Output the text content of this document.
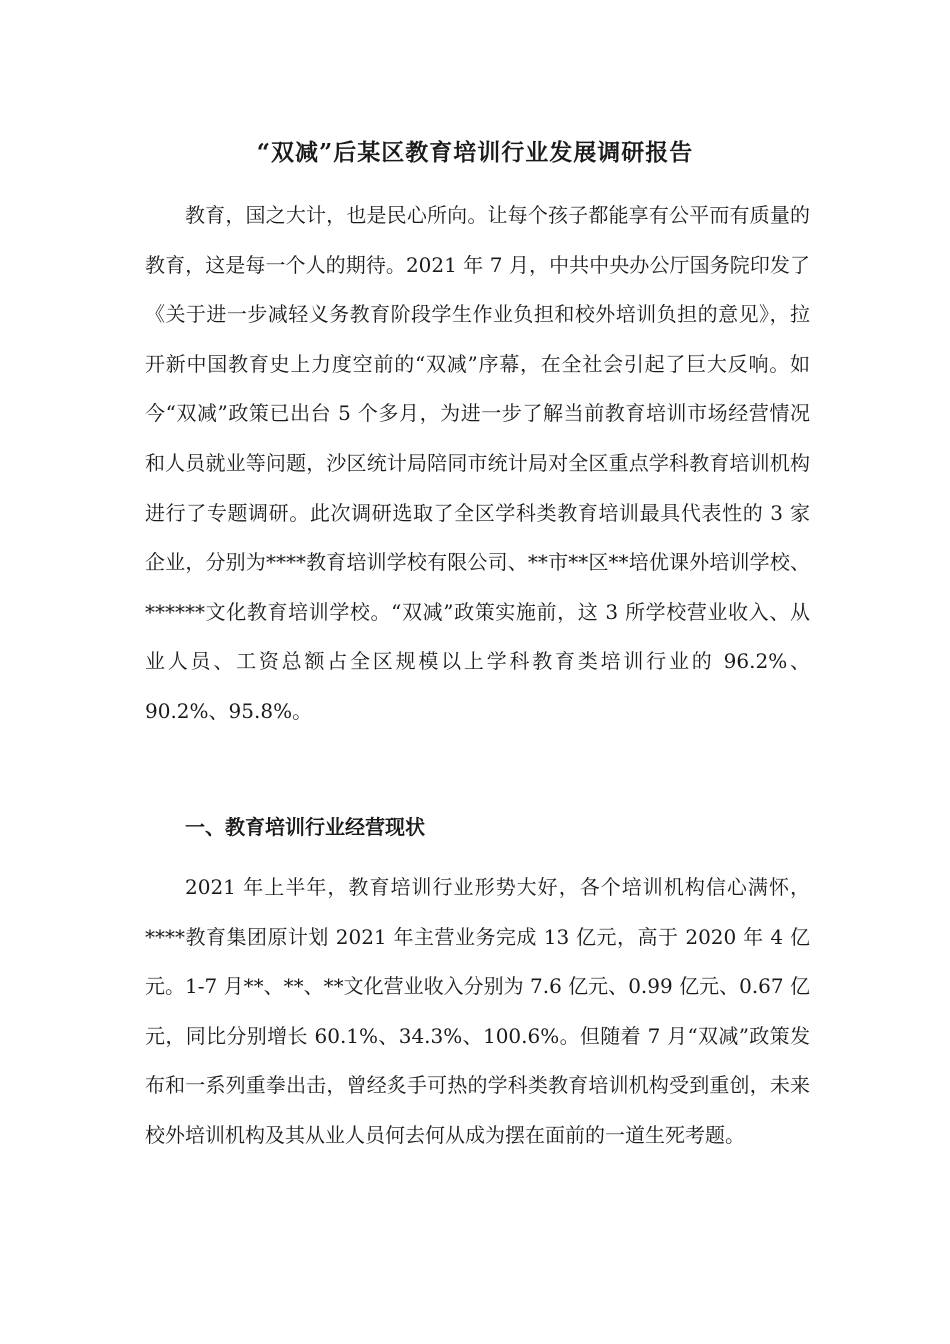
“双减”后某区教育培训行业发展调研报告

教育，国之大计，也是民心所向。让每个孩子都能享有公平而有质量的教育，这是每一个人的期待。2021 年 7 月，中共中央办公厅国务院印发了《关于进一步减轻义务教育阶段学生作业负担和校外培训负担的意见》，拉开新中国教育史上力度空前的“双减”序幕，在全社会引起了巨大反响。如今“双减”政策已出台 5 个多月，为进一步了解当前教育培训市场经营情况和人员就业等问题，沙区统计局陪同市统计局对全区重点学科教育培训机构进行了专题调研。此次调研选取了全区学科类教育培训最具代表性的 3 家企业，分别为****教育培训学校有限公司、**市**区**培优课外培训学校、******文化教育培训学校。“双减”政策实施前，这 3 所学校营业收入、从业人员、工资总额占全区规模以上学科教育类培训行业的 96.2%、90.2%、95.8%。

一、教育培训行业经营现状

2021 年上半年，教育培训行业形势大好，各个培训机构信心满怀，****教育集团原计划 2021 年主营业务完成 13 亿元，高于 2020 年 4 亿元。1-7 月**、**、**文化营业收入分别为 7.6 亿元、0.99 亿元、0.67 亿元，同比分别增长 60.1%、34.3%、100.6%。但随着 7 月“双减”政策发布和一系列重拳出击，曾经炙手可热的学科类教育培训机构受到重创，未来校外培训机构及其从业人员何去何从成为摆在面前的一道生死考题。
